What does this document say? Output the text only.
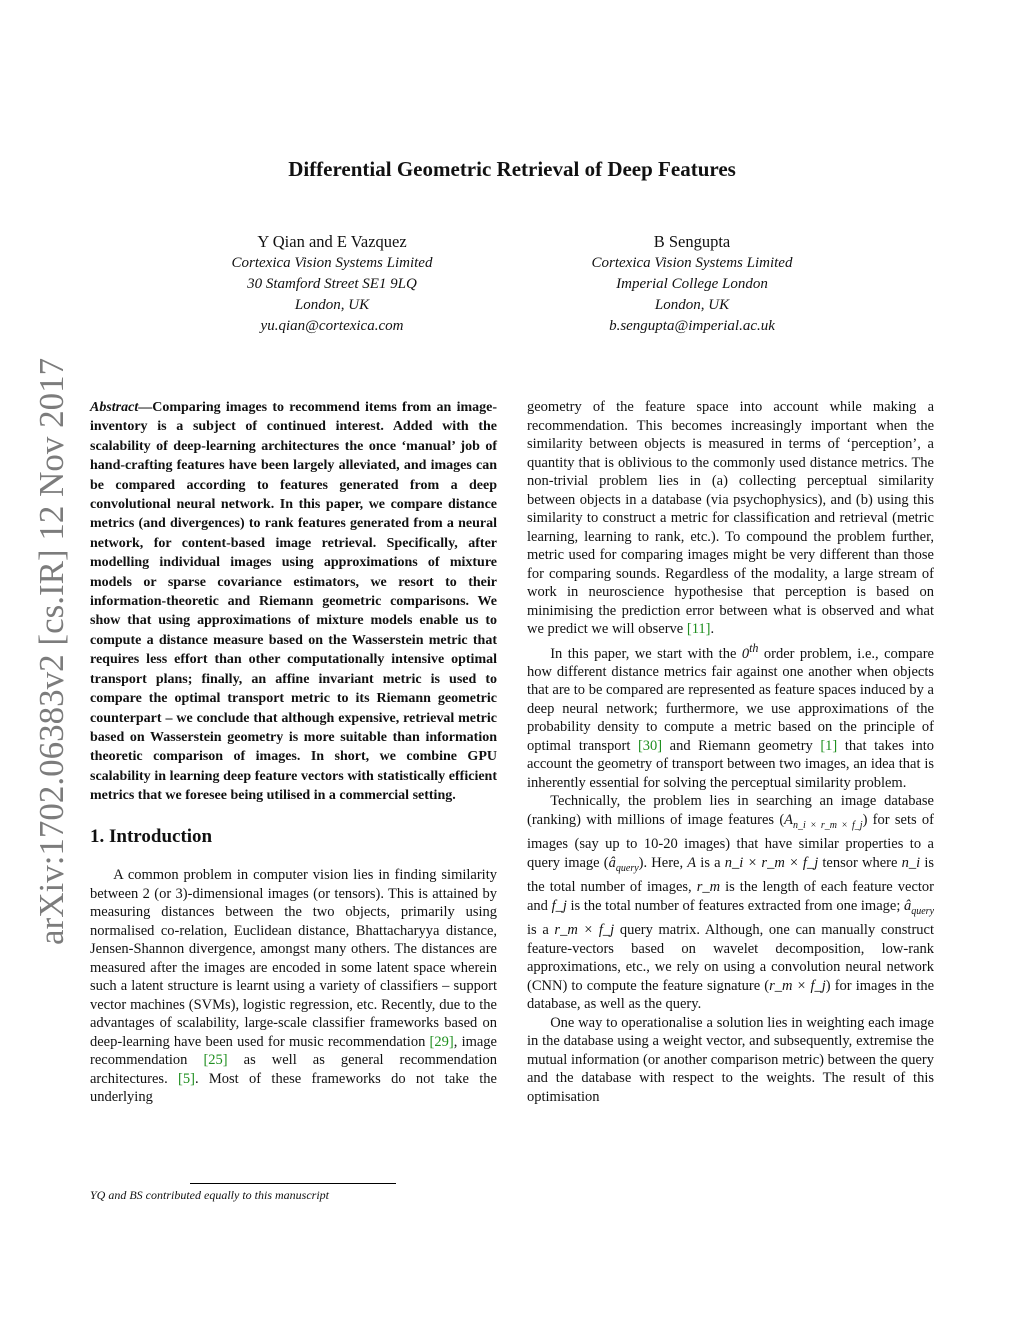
arXiv:1702.06383v2 [cs.IR] 12 Nov 2017
Differential Geometric Retrieval of Deep Features
Y Qian and E Vazquez
Cortexica Vision Systems Limited
30 Stamford Street SE1 9LQ
London, UK
yu.qian@cortexica.com
B Sengupta
Cortexica Vision Systems Limited
Imperial College London
London, UK
b.sengupta@imperial.ac.uk

Abstract—Comparing images to recommend items from an image-inventory is a subject of continued interest. Added with the scalability of deep-learning architectures the once ‘manual’ job of hand-crafting features have been largely alleviated, and images can be compared according to features generated from a deep convolutional neural network. In this paper, we compare distance metrics (and divergences) to rank features generated from a neural network, for content-based image retrieval. Specifically, after modelling individual images using approximations of mixture models or sparse covariance estimators, we resort to their information-theoretic and Riemann geometric comparisons. We show that using approximations of mixture models enable us to compute a distance measure based on the Wasserstein metric that requires less effort than other computationally intensive optimal transport plans; finally, an affine invariant metric is used to compare the optimal transport metric to its Riemann geometric counterpart – we conclude that although expensive, retrieval metric based on Wasserstein geometry is more suitable than information theoretic comparison of images. In short, we combine GPU scalability in learning deep feature vectors with statistically efficient metrics that we foresee being utilised in a commercial setting.

1. Introduction

A common problem in computer vision lies in finding similarity between 2 (or 3)-dimensional images (or tensors). This is attained by measuring distances between the two objects, primarily using normalised co-relation, Euclidean distance, Bhattacharyya distance, Jensen-Shannon divergence, amongst many others. The distances are measured after the images are encoded in some latent space wherein such a latent structure is learnt using a variety of classifiers – support vector machines (SVMs), logistic regression, etc. Recently, due to the advantages of scalability, large-scale classifier frameworks based on deep-learning have been used for music recommendation [29], image recommendation [25] as well as general recommendation architectures. [5]. Most of these frameworks do not take the underlying

geometry of the feature space into account while making a recommendation. This becomes increasingly important when the similarity between objects is measured in terms of ‘perception’, a quantity that is oblivious to the commonly used distance metrics. The non-trivial problem lies in (a) collecting perceptual similarity between objects in a database (via psychophysics), and (b) using this similarity to construct a metric for classification and retrieval (metric learning, learning to rank, etc.). To compound the problem further, metric used for comparing images might be very different than those for comparing sounds. Regardless of the modality, a large stream of work in neuroscience hypothesise that perception is based on minimising the prediction error between what is observed and what we predict we will observe [11].

In this paper, we start with the 0th order problem, i.e., compare how different distance metrics fair against one another when objects that are to be compared are represented as feature spaces induced by a deep neural network; furthermore, we use approximations of the probability density to compute a metric based on the principle of optimal transport [30] and Riemann geometry [1] that takes into account the geometry of transport between two images, an idea that is inherently essential for solving the perceptual similarity problem.

Technically, the problem lies in searching an image database (ranking) with millions of image features $(A_{n\_i \times r\_m \times f\_j})$ for sets of images (say up to 10-20 images) that have similar properties to a query image $(â_{query})$. Here, A is a n_i × r_m × f_j tensor where n_i is the total number of images, r_m is the length of each feature vector and f_j is the total number of features extracted from one image; $â_{query}$ is a r_m × f_j query matrix. Although, one can manually construct feature-vectors based on wavelet decomposition, low-rank approximations, etc., we rely on using a convolution neural network (CNN) to compute the feature signature (r_m × f_j) for images in the database, as well as the query.

One way to operationalise a solution lies in weighting each image in the database using a weight vector, and subsequently, extremise the mutual information (or another comparison metric) between the query and the database with respect to the weights. The result of this optimisation

YQ and BS contributed equally to this manuscript
